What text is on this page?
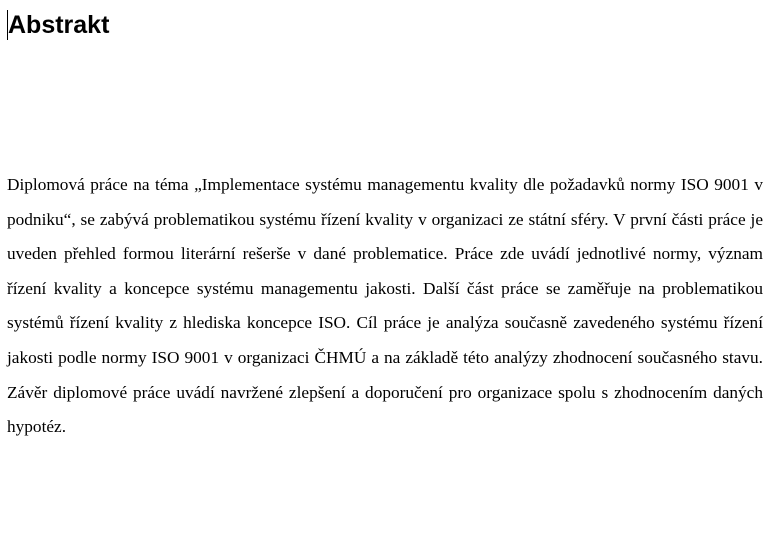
Abstrakt

Diplomová práce na téma „Implementace systému managementu kvality dle požadavků normy ISO 9001 v podniku“, se zabývá problematikou systému řízení kvality v organizaci ze státní sféry. V první části práce je uveden přehled formou literární rešerše v dané problematice. Práce zde uvádí jednotlivé normy, význam řízení kvality a koncepce systému managementu jakosti. Další část práce se zaměřuje na problematikou systémů řízení kvality z hlediska koncepce ISO. Cíl práce je analýza současně zavedeného systému řízení jakosti podle normy ISO 9001 v organizaci ČHMÚ a na základě této analýzy zhodnocení současného stavu. Závěr diplomové práce uvádí navržené zlepšení a doporučení pro organizace spolu s zhodnocením daných hypotéz.
